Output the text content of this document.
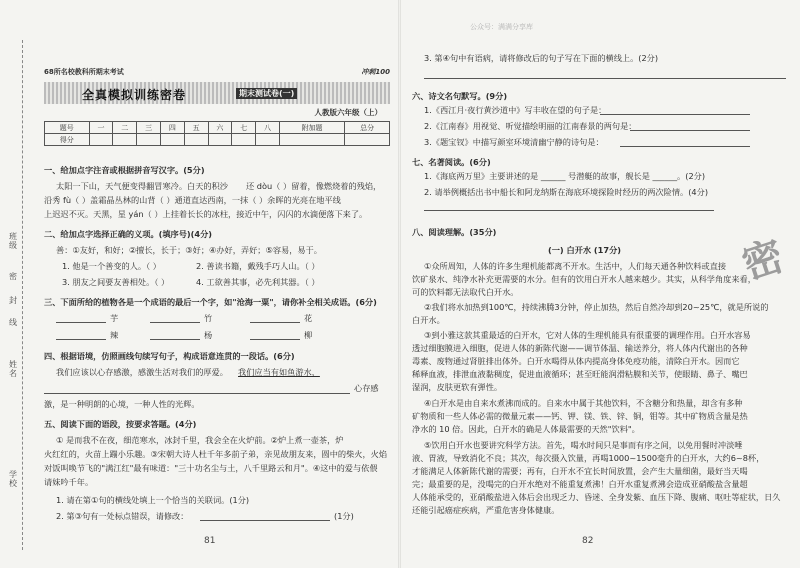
公众号：满满分享库
班级
密
封
线
姓名
学校
68所名校教科所期末考试	冲刺100
全真模拟训练密卷	期末测试卷(一)
人教版六年级（上）
题号	一	二	三	四	五	六	七	八	附加题	总分
得分										
一、给加点字注音或根据拼音写汉字。(5分)
太阳一下山，天气便变得翻冒寒冷。白天的积沙 还 dòu（ ）留着，像燃烧着的残焰，
沿秀 fù（ ）盖霜晶丛林的山背（ ）通道直达西南，一抹（ ）余晖的光亮在地平线
上迟迟不灭。天黑，星 yán（ ）上挂着长长的冰柱，接近中午，闪闪的水滴便落下来了。
二、给加点字选择正确的义项。(填序号)(4分)
善：①友好，和好；②擅长，长于；③好；④办好，弄好；⑤容易，易于。
1. 他是一个善变的人。（ ）	2. 善读书籍，戴残手巧人山。（ ）
3. 朋友之间要友善相处。（ ）	4. 工欲善其事，必先利其器。（ ）
三、下面所给的植物各是一个成语的最后一个字，如"沧海一粟"，请你补全相关成语。(6分)
芋	竹	花
辣	杨	柳
四、根据语境，仿照画线句续写句子，构成语意连贯的一段话。(6分)
我们应该以心存感激，感激生活对我们的厚爱。 我们应当有如鱼游水，
心存感
激，是一种明朗的心境，一种人性的光辉。
五、阅读下面的语段，按要求答题。(4分)
① 是而我不在夜，细范寒水，冰封千里，我会全在火炉前。②炉上煮一壶茶，炉
火红红的，火苗上蹦小乐趣。③宋朝大诗人杜千年多前子弟，亲见故朋友来，圆中的柴火，火焰
对饭叫唤节飞的"满江红"最有味道："三十功名尘与土，八千里路云和月"。④这中的爱与依偎
请妹吟千年。
1. 请在第①句的横线处填上一个恰当的关联词。(1分)
2. 第③句有一处标点错误，请修改：	(1分)
81
3. 第④句中有语病，请将修改后的句子写在下面的横线上。(2分)
六、诗文名句默写。(9分)
1.《西江月·夜行黄沙道中》写丰收在望的句子是：
2.《江南春》用视觉、听觉描绘明丽的江南春景的两句是：
3.《题宝钗》中描写颜室环境清幽宁静的诗句是：
七、名著阅读。(6分)
1.《海底两万里》主要讲述的是 ______ 号潜艇的故事，舰长是 ______。(2分)
2. 请举例概括出书中船长和阿龙纳斯在海底环境探险时经历的两次险情。(4分)
八、阅读理解。(35分)
(一) 白开水 (17分)
①众所周知，人体的许多生理机能都离不开水。生活中，人们每天通各种饮料或直接
饮矿泉水、纯净水补充更需要的水分。但有的饮用白开水人越来越少。其实，从科学角度来看，
可的饮料都无法取代白开水。
②我们将水加热到100℃，持续沸腾3分钟，停止加热，然后自然冷却到20~25℃，就是所说的
白开水。
③到小雅这款其重最适的白开水，它对人体的生理机能具有很重要的调理作用。白开水容易
透过细胞膜进入细胞，促进人体的新陈代谢——调节体温、输送养分，将人体内代谢出的各种
毒素、废物通过肾脏排出体外。白开水喝得从体内提高身体免疫功能，清除白开水。因而它
稀释血液，排泄血液黏稠度，促进血液循环；甚至旺能润滑粘膜和关节，使眼睛、鼻子、嘴巴
湿润，皮肤更软有弹性。
④白开水是由自来水煮沸而成的。自来水中属于其他饮料，不含糖分和热量，却含有多种
矿物质和一些人体必需的微量元素——钙、钾、镁、铁、锌、铜，钼等。其中矿物质含量是热
净水的 10 倍。因此，白开水的确是人体最需要的天然"饮料"。
⑤饮用白开水也要讲究科学方法。首先，喝水时间只是事而有序之间，以免用餐时冲淡唾
液、胃液，导致消化不良；其次，每次摄入饮量，再喝1000~1500毫升的白开水，大约6~8杯，
才能满足人体新陈代谢的需要；再有，白开水不宜长时间放置，会产生大量细菌，最好当天喝
完；最重要的是，没喝完的白开水绝对不能重复煮沸！白开水重复煮沸会造成亚硝酸盐含量超
人体能承受的，亚硝酸盐进入体后会出现乏力、昏迷、全身发紫、血压下降、腹痛、呕吐等症状，日久
还能引起癌症疾病，严重危害身体健康。
密
82
